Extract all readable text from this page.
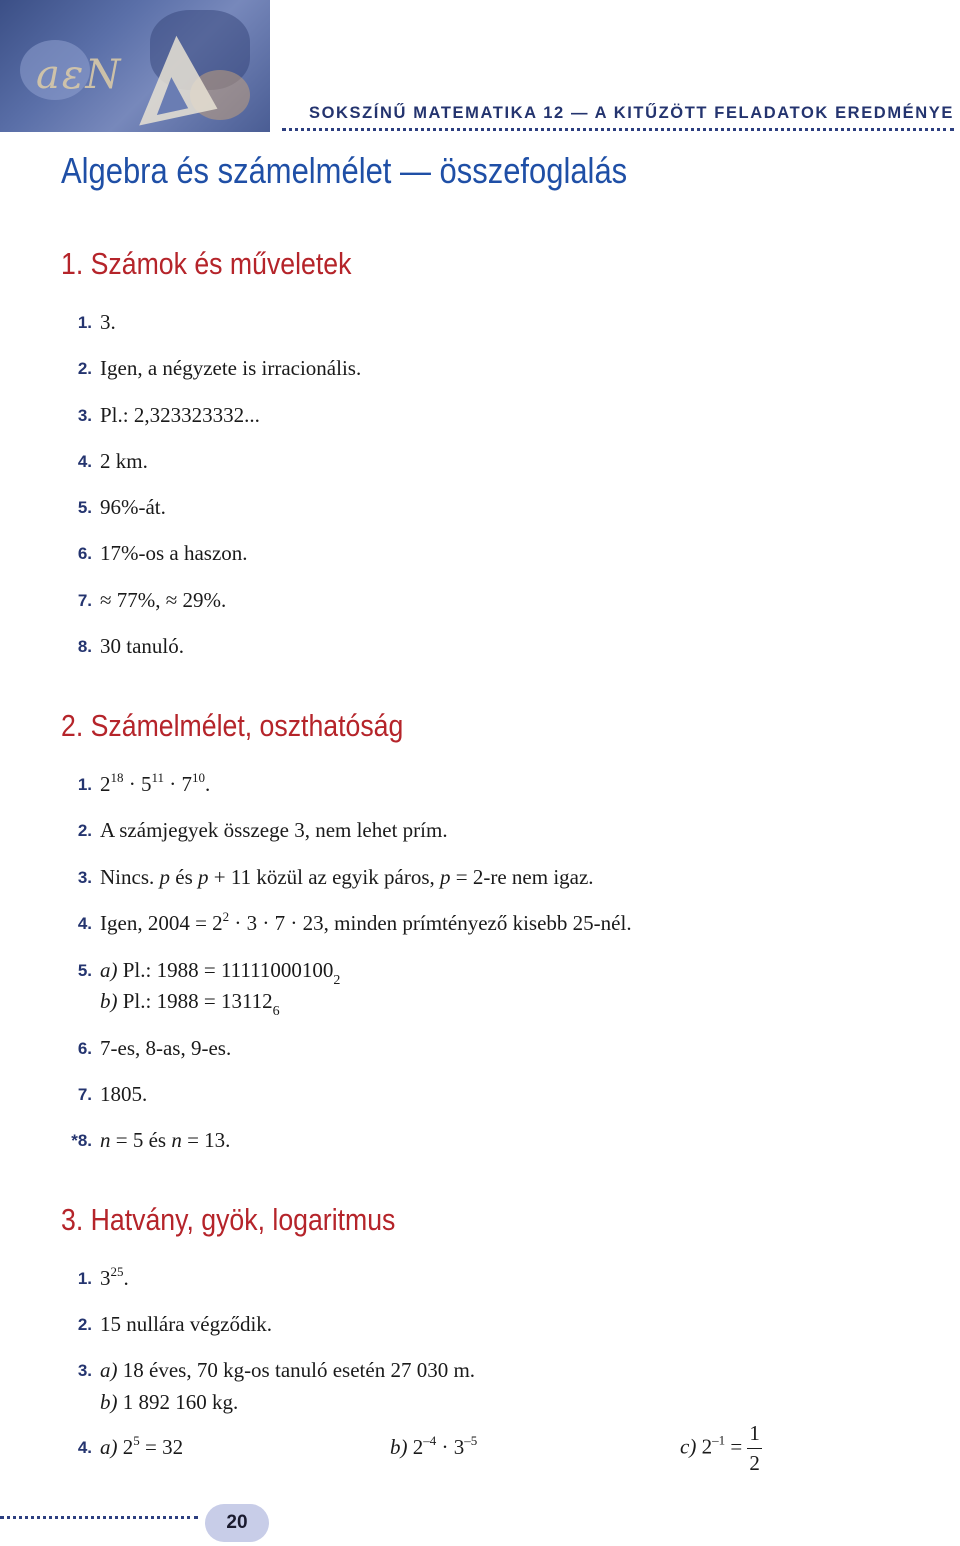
aεN
SOKSZÍNŰ MATEMATIKA 12 — A KITŰZÖTT FELADATOK EREDMÉNYE
Algebra és számelmélet — összefoglalás
1. Számok és műveletek
1. 3.
2. Igen, a négyzete is irracionális.
3. Pl.: 2,323323332...
4. 2 km.
5. 96%-át.
6. 17%-os a haszon.
7. ≈ 77%, ≈ 29%.
8. 30 tanuló.
2. Számelmélet, oszthatóság
1. $2^{18} \cdot 5^{11} \cdot 7^{10}$.
2. A számjegyek összege 3, nem lehet prím.
3. Nincs. p és p + 11 közül az egyik páros, p = 2-re nem igaz.
4. Igen, $2004 = 2^2 \cdot 3 \cdot 7 \cdot 23$, minden prímtényező kisebb 25-nél.
5. a) Pl.: $1988 = 11111000100_2$
b) Pl.: $1988 = 13112_6$
6. 7-es, 8-as, 9-es.
7. 1805.
*8. n = 5 és n = 13.
3. Hatvány, gyök, logaritmus
1. $3^{25}$.
2. 15 nullára végződik.
3. a) 18 éves, 70 kg-os tanuló esetén 27 030 m.
b) 1 892 160 kg.
4. a) $2^5 = 32$	b) $2^{-4} \cdot 3^{-5}$	c) $2^{-1} = \frac{1}{2}$
20
